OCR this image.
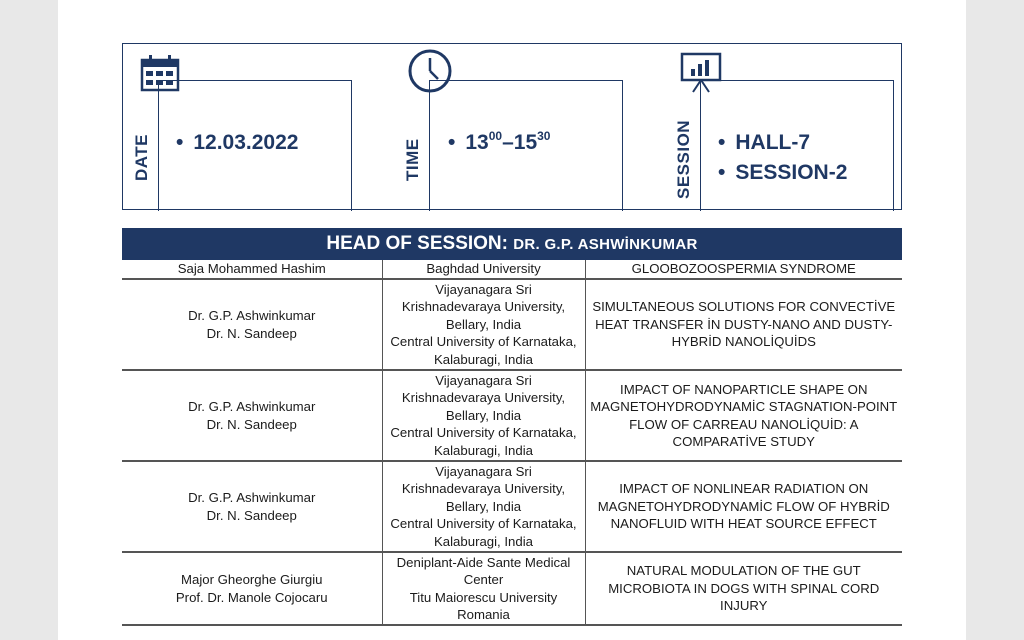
DATE • 12.03.2022	TIME • $13^{00}-15^{30}$	SESSION • HALL-7
• SESSION-2
HEAD OF SESSION: DR. G.P. ASHWİNKUMAR
Saja Mohammed Hashim	Baghdad University	GLOOBOZOOSPERMIA SYNDROME

Dr. G.P. Ashwinkumar
Dr. N. Sandeep	Vijayanagara Sri
Krishnadevaraya University,
Bellary, India
Central University of Karnataka,
Kalaburagi, India	SIMULTANEOUS SOLUTIONS FOR CONVECTİVE
HEAT TRANSFER İN DUSTY-NANO AND DUSTY-
HYBRİD NANOLİQUİDS

Dr. G.P. Ashwinkumar
Dr. N. Sandeep	Vijayanagara Sri
Krishnadevaraya University,
Bellary, India
Central University of Karnataka,
Kalaburagi, India	IMPACT OF NANOPARTICLE SHAPE ON
MAGNETOHYDRODYNAMİC STAGNATION-POINT
FLOW OF CARREAU NANOLİQUİD: A
COMPARATİVE STUDY

Dr. G.P. Ashwinkumar
Dr. N. Sandeep	Vijayanagara Sri
Krishnadevaraya University,
Bellary, India
Central University of Karnataka,
Kalaburagi, India	IMPACT OF NONLINEAR RADIATION ON
MAGNETOHYDRODYNAMİC FLOW OF HYBRİD
NANOFLUID WITH HEAT SOURCE EFFECT

Major Gheorghe Giurgiu
Prof. Dr. Manole Cojocaru	Deniplant-Aide Sante Medical
Center
Titu Maiorescu University
Romania	NATURAL MODULATION OF THE GUT
MICROBIOTA IN DOGS WITH SPINAL CORD
INJURY
